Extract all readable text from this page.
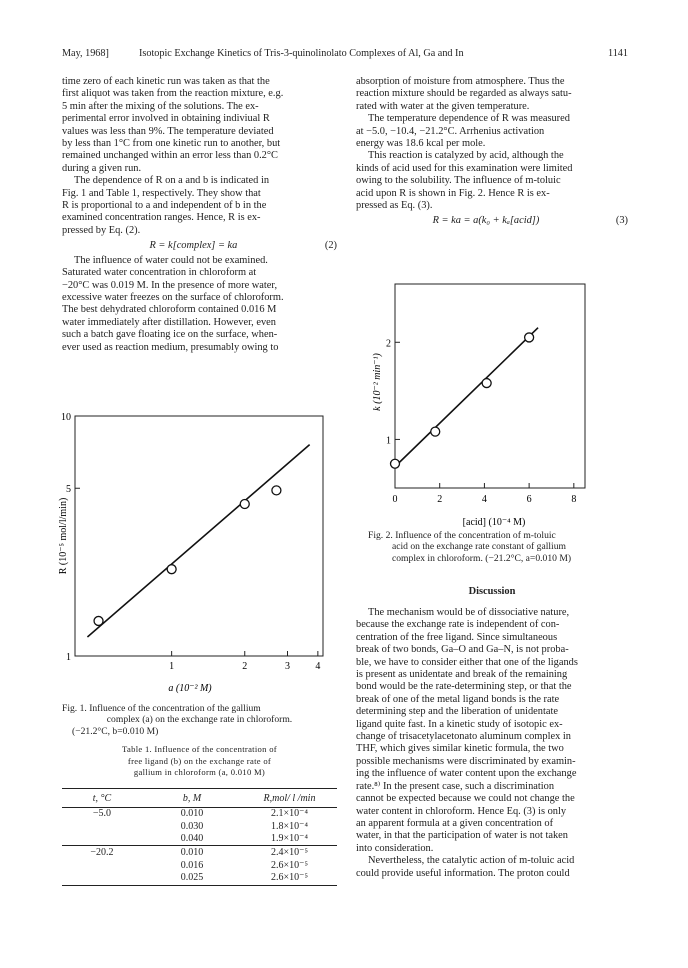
May, 1968]	Isotopic Exchange Kinetics of Tris-3-quinolinolato Complexes of Al, Ga and In	1141
time zero of each kinetic run was taken as that the
first aliquot was taken from the reaction mixture, e.g.
5 min after the mixing of the solutions. The ex-
perimental error involved in obtaining indiviual R
values was less than 9%. The temperature deviated
by less than 1°C from one kinetic run to another, but
remained unchanged within an error less than 0.2°C
during a given run.
The dependence of R on a and b is indicated in
Fig. 1 and Table 1, respectively. They show that
R is proportional to a and independent of b in the
examined concentration ranges. Hence, R is ex-
pressed by Eq. (2).
R = k[complex] = ka	(2)
The influence of water could not be examined.
Saturated water concentration in chloroform at
−20°C was 0.019 M. In the presence of more water,
excessive water freezes on the surface of chloroform.
The best dehydrated chloroform contained 0.016 M
water immediately after distillation. However, even
such a batch gave floating ice on the surface, when-
ever used as reaction medium, presumably owing to
1	2	3	4
1
5
10
R (10⁻⁵ mol/l/min)
a (10⁻² M)
Fig. 1. Influence of the concentration of the gallium
complex (a) on the exchange rate in chloroform.
(−21.2°C, b=0.010 M)
Table 1. Influence of the concentration of
free ligand (b) on the exchange rate of
gallium in chloroform (a, 0.010 M)
t, °C	b, M	R,mol/ l /min
−5.0	0.010	2.1×10⁻⁴
	0.030	1.8×10⁻⁴
	0.040	1.9×10⁻⁴
−20.2	0.010	2.4×10⁻⁵
	0.016	2.6×10⁻⁵
	0.025	2.6×10⁻⁵
absorption of moisture from atmosphere. Thus the
reaction mixture should be regarded as always satu-
rated with water at the given temperature.
The temperature dependence of R was measured
at −5.0, −10.4, −21.2°C. Arrhenius activation
energy was 18.6 kcal per mole.
This reaction is catalyzed by acid, although the
kinds of acid used for this examination were limited
owing to the solubility. The influence of m-toluic
acid upon R is shown in Fig. 2. Hence R is ex-
pressed as Eq. (3).
R = ka = a(k₀ + kₐ[acid])	(3)
0	2	4	6	8
1
2
k (10⁻² min⁻¹)
[acid] (10⁻⁴ M)
Fig. 2. Influence of the concentration of m-toluic
acid on the exchange rate constant of gallium
complex in chloroform. (−21.2°C, a=0.010 M)
Discussion
The mechanism would be of dissociative nature,
because the exchange rate is independent of con-
centration of the free ligand. Since simultaneous
break of two bonds, Ga–O and Ga–N, is not proba-
ble, we have to consider either that one of the ligands
is present as unidentate and break of the remaining
bond would be the rate-determining step, or that the
break of one of the metal ligand bonds is the rate
determining step and the liberation of unidentate
ligand quite fast. In a kinetic study of isotopic ex-
change of trisacetylacetonato aluminum complex in
THF, which gives similar kinetic formula, the two
possible mechanisms were discriminated by examin-
ing the influence of water content upon the exchange
rate.⁸⁾ In the present case, such a discrimination
cannot be expected because we could not change the
water content in chloroform. Hence Eq. (3) is only
an apparent formula at a given concentration of
water, in that the participation of water is not taken
into consideration.
Nevertheless, the catalytic action of m-toluic acid
could provide useful information. The proton could
